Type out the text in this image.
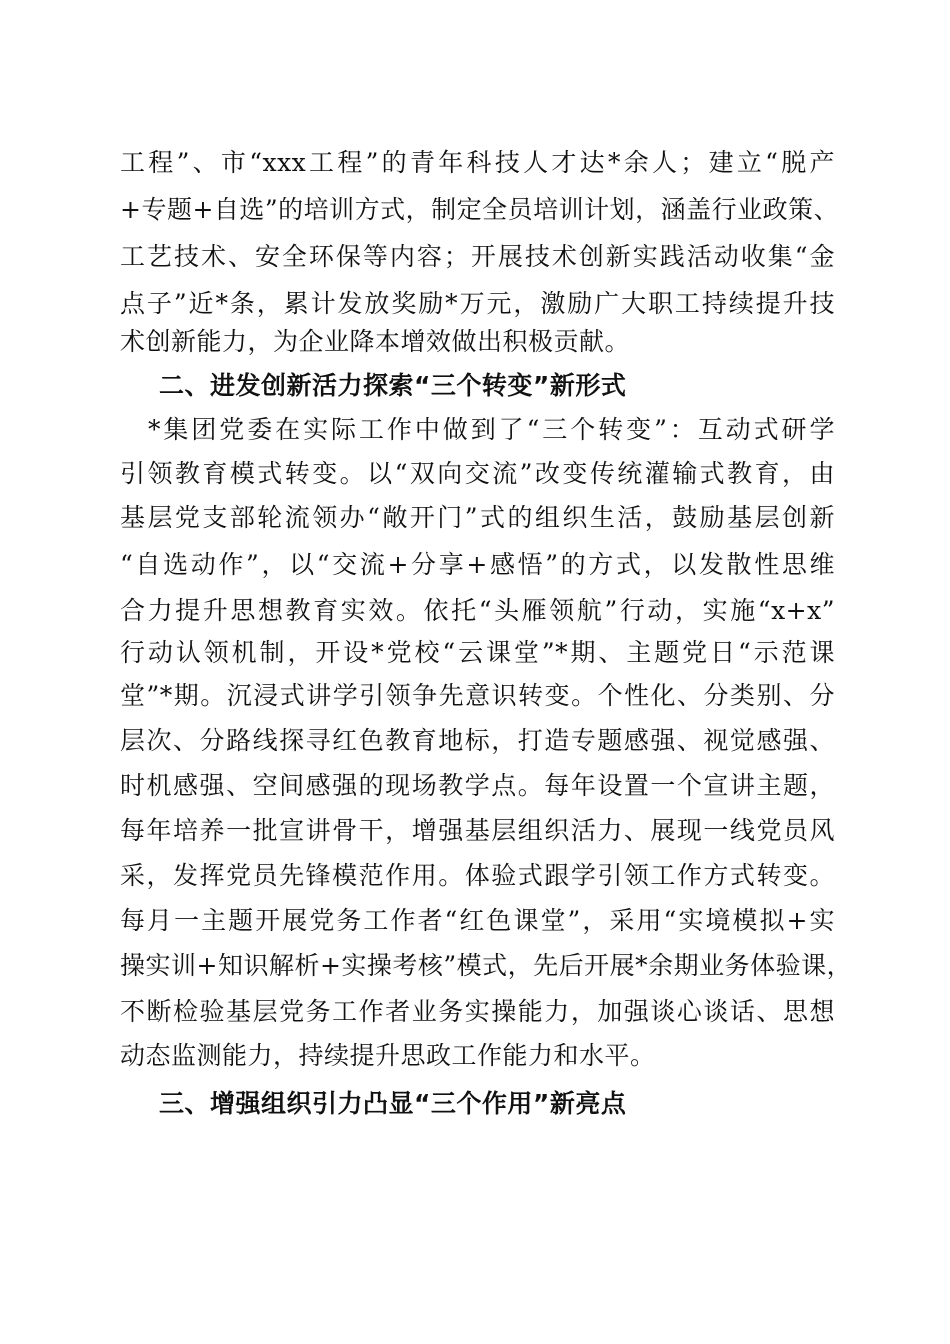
工程”、市“xxx工程”的青年科技人才达*余人；建立“脱产
+专题+自选”的培训方式，制定全员培训计划，涵盖行业政策、
工艺技术、安全环保等内容；开展技术创新实践活动收集“金
点子”近*条，累计发放奖励*万元，激励广大职工持续提升技
术创新能力，为企业降本增效做出积极贡献。
二、进发创新活力探索“三个转变”新形式
　*集团党委在实际工作中做到了“三个转变”：互动式研学
引领教育模式转变。以“双向交流”改变传统灌输式教育，由
基层党支部轮流领办“敞开门”式的组织生活，鼓励基层创新
“自选动作”，以“交流+分享+感悟”的方式，以发散性思维
合力提升思想教育实效。依托“头雁领航”行动，实施“x+x”
行动认领机制，开设*党校“云课堂”*期、主题党日“示范课
堂”*期。沉浸式讲学引领争先意识转变。个性化、分类别、分
层次、分路线探寻红色教育地标，打造专题感强、视觉感强、
时机感强、空间感强的现场教学点。每年设置一个宣讲主题，
每年培养一批宣讲骨干，增强基层组织活力、展现一线党员风
采，发挥党员先锋模范作用。体验式跟学引领工作方式转变。
每月一主题开展党务工作者“红色课堂”，采用“实境模拟+实
操实训+知识解析+实操考核”模式，先后开展*余期业务体验课，
不断检验基层党务工作者业务实操能力，加强谈心谈话、思想
动态监测能力，持续提升思政工作能力和水平。
三、增强组织引力凸显“三个作用”新亮点
